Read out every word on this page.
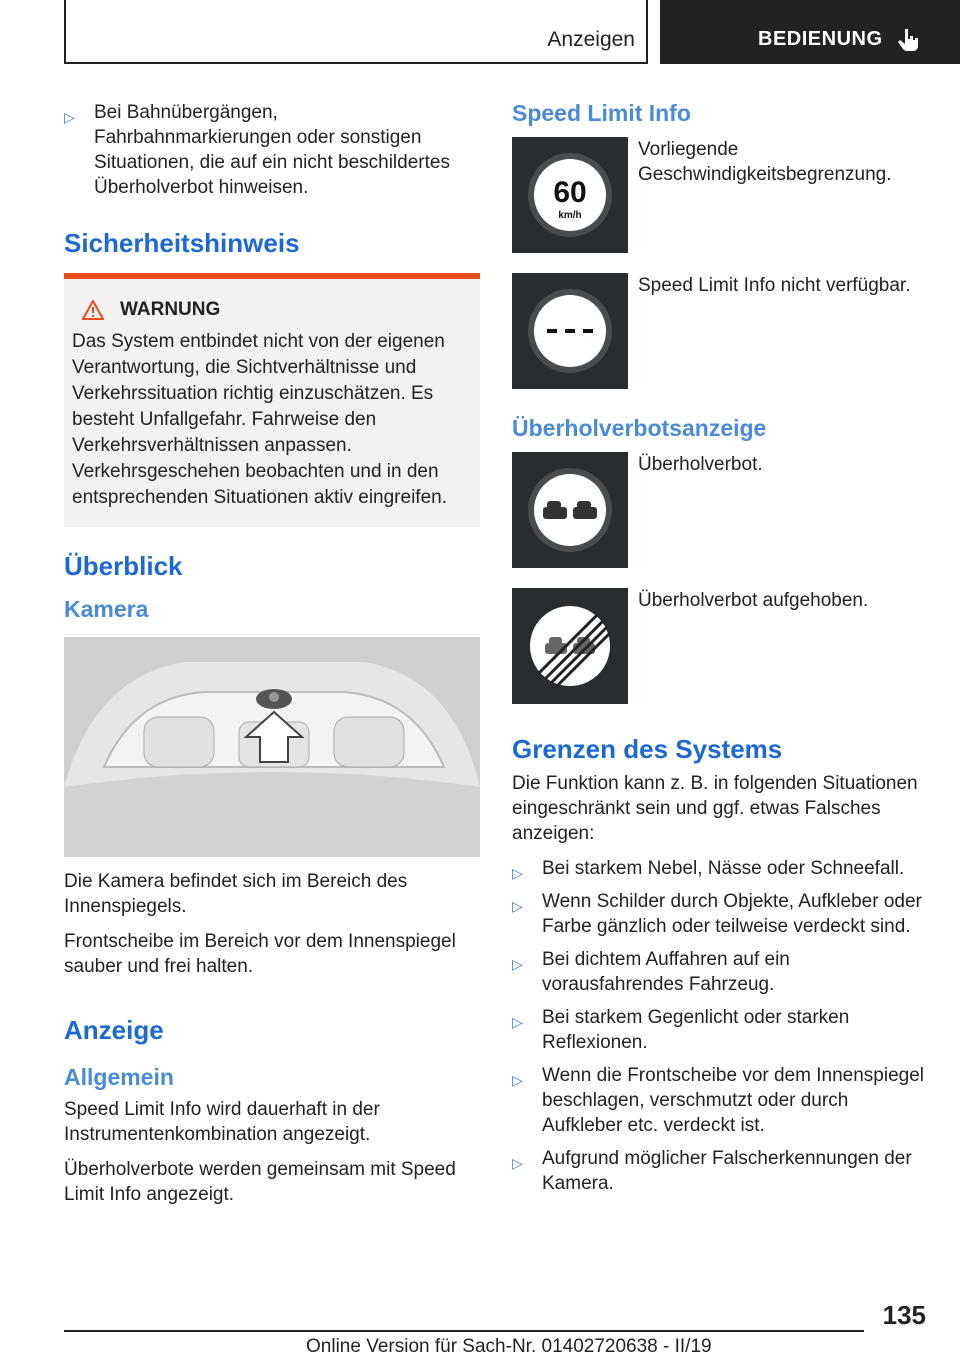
Anzeigen	BEDIENUNG
▷ Bei Bahnübergängen, Fahrbahnmarkierungen oder sonstigen Situationen, die auf ein nicht beschildertes Überholverbot hinweisen.
Sicherheitshinweis
WARNUNG

Das System entbindet nicht von der eigenen Verantwortung, die Sichtverhältnisse und Verkehrssituation richtig einzuschätzen. Es besteht Unfallgefahr. Fahrweise den Verkehrsverhältnissen anpassen. Verkehrsgeschehen beobachten und in den entsprechenden Situationen aktiv eingreifen.

Überblick
Kamera

Die Kamera befindet sich im Bereich des Innenspiegels.

Frontscheibe im Bereich vor dem Innenspiegel sauber und frei halten.

Anzeige
Allgemein

Speed Limit Info wird dauerhaft in der Instrumentenkombination angezeigt.

Überholverbote werden gemeinsam mit Speed Limit Info angezeigt.

Speed Limit Info
60
km/h
Vorliegende Geschwindigkeitsbegrenzung.
Speed Limit Info nicht verfügbar.
Überholverbotsanzeige
Überholverbot.
Überholverbot aufgehoben.
Grenzen des Systems

Die Funktion kann z. B. in folgenden Situationen eingeschränkt sein und ggf. etwas Falsches anzeigen:

▷ Bei starkem Nebel, Nässe oder Schneefall.
▷ Wenn Schilder durch Objekte, Aufkleber oder Farbe gänzlich oder teilweise verdeckt sind.
▷ Bei dichtem Auffahren auf ein vorausfahrendes Fahrzeug.
▷ Bei starkem Gegenlicht oder starken Reflexionen.
▷ Wenn die Frontscheibe vor dem Innenspiegel beschlagen, verschmutzt oder durch Aufkleber etc. verdeckt ist.
▷ Aufgrund möglicher Falscherkennungen der Kamera.
135
Online Version für Sach-Nr. 01402720638 - II/19
